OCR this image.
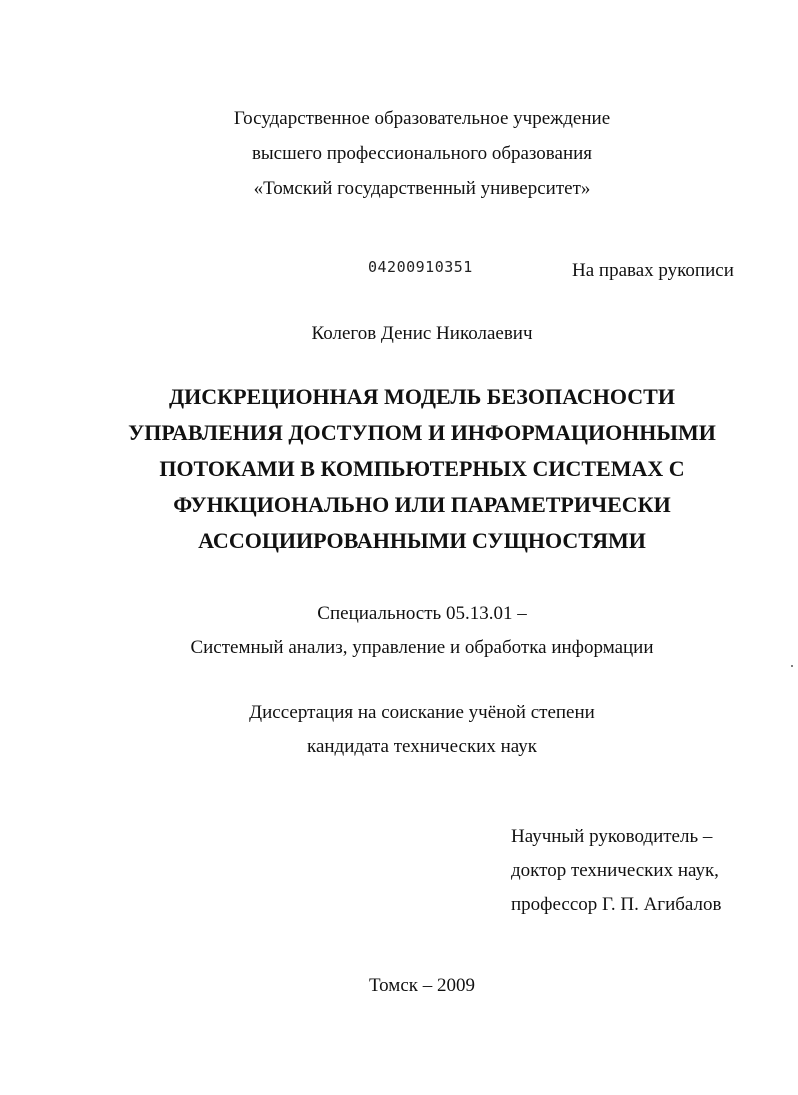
Государственное образовательное учреждение
высшего профессионального образования
«Томский государственный университет»
04200910351	На правах рукописи
Колегов Денис Николаевич
ДИСКРЕЦИОННАЯ МОДЕЛЬ БЕЗОПАСНОСТИ
УПРАВЛЕНИЯ ДОСТУПОМ И ИНФОРМАЦИОННЫМИ
ПОТОКАМИ В КОМПЬЮТЕРНЫХ СИСТЕМАХ С
ФУНКЦИОНАЛЬНО ИЛИ ПАРАМЕТРИЧЕСКИ
АССОЦИИРОВАННЫМИ СУЩНОСТЯМИ
Специальность 05.13.01 –
Системный анализ, управление и обработка информации
Диссертация на соискание учёной степени
кандидата технических наук
Научный руководитель –
доктор технических наук,
профессор Г. П. Агибалов
Томск – 2009
